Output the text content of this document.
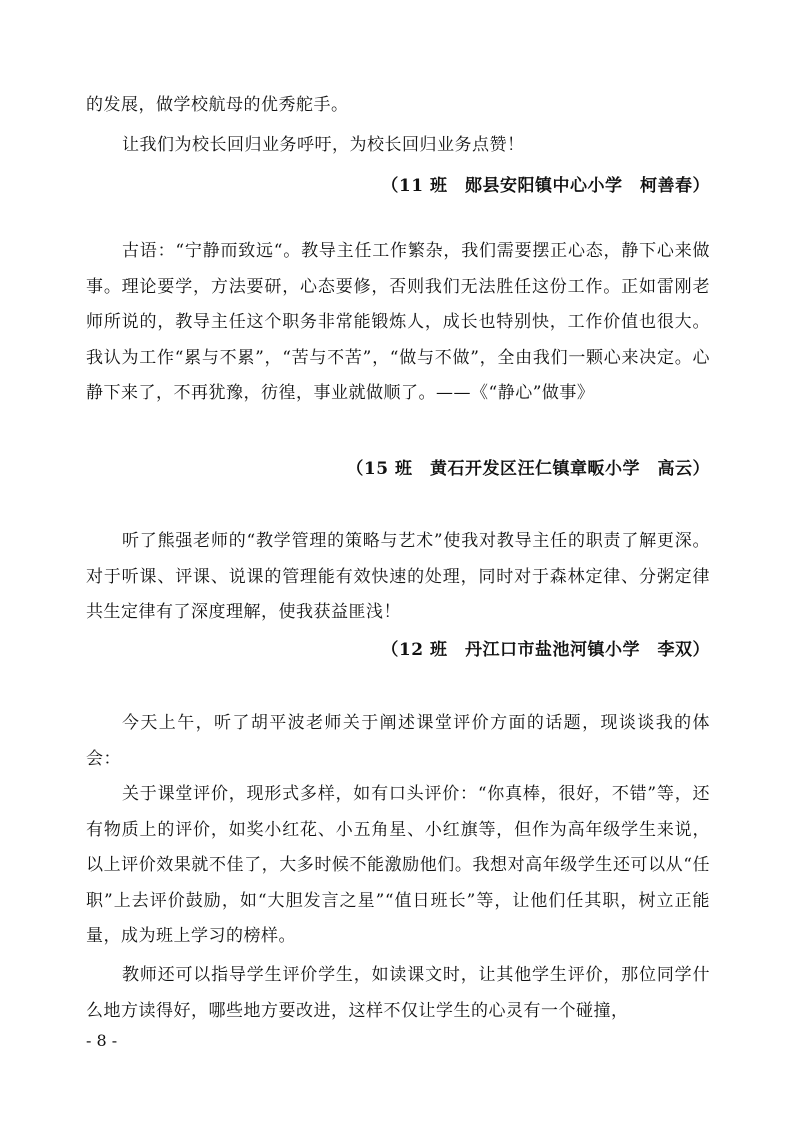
的发展，做学校航母的优秀舵手。

让我们为校长回归业务呼吁，为校长回归业务点赞！

（11 班　郧县安阳镇中心小学　柯善春）

古语：“宁静而致远“。教导主任工作繁杂，我们需要摆正心态，静下心来做事。理论要学，方法要研，心态要修，否则我们无法胜任这份工作。正如雷刚老师所说的，教导主任这个职务非常能锻炼人，成长也特别快，工作价值也很大。我认为工作“累与不累”，“苦与不苦”，“做与不做”，全由我们一颗心来决定。心静下来了，不再犹豫，彷徨，事业就做顺了。——《“静心”做事》

（15 班　黄石开发区汪仁镇章畈小学　高云）

听了熊强老师的“教学管理的策略与艺术”使我对教导主任的职责了解更深。对于听课、评课、说课的管理能有效快速的处理，同时对于森林定律、分粥定律共生定律有了深度理解，使我获益匪浅！

（12 班　丹江口市盐池河镇小学　李双）

今天上午，听了胡平波老师关于阐述课堂评价方面的话题，现谈谈我的体会：

关于课堂评价，现形式多样，如有口头评价：“你真棒，很好，不错”等，还有物质上的评价，如奖小红花、小五角星、小红旗等，但作为高年级学生来说，以上评价效果就不佳了，大多时候不能激励他们。我想对高年级学生还可以从“任职”上去评价鼓励，如“大胆发言之星”“值日班长”等，让他们任其职，树立正能量，成为班上学习的榜样。

教师还可以指导学生评价学生，如读课文时，让其他学生评价，那位同学什么地方读得好，哪些地方要改进，这样不仅让学生的心灵有一个碰撞，

- 8 -
